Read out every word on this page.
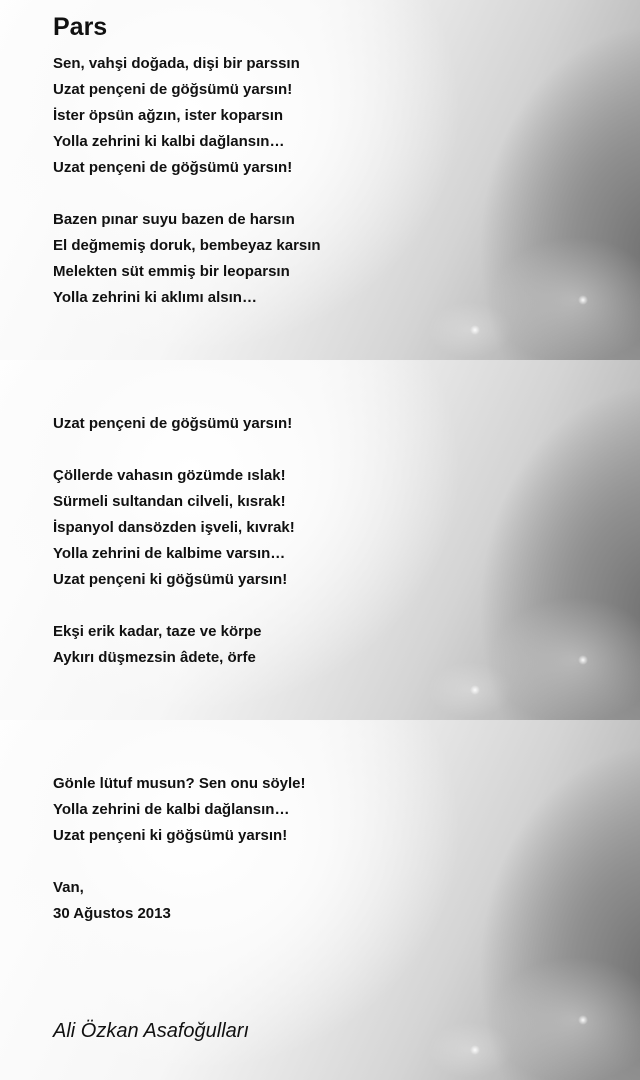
Pars
Sen, vahşi doğada, dişi bir parssın
Uzat pençeni de göğsümü yarsın!
İster öpsün ağzın, ister koparsın
Yolla zehrini ki kalbi dağlansın…
Uzat pençeni de göğsümü yarsın!
Bazen pınar suyu bazen de harsın
El değmemiş doruk, bembeyaz karsın
Melekten süt emmiş bir leoparsın
Yolla zehrini ki aklımı alsın…
Uzat pençeni de göğsümü yarsın!
Çöllerde vahasın gözümde ıslak!
Sürmeli sultandan cilveli, kısrak!
İspanyol dansözden işveli, kıvrak!
Yolla zehrini de kalbime varsın…
Uzat pençeni ki göğsümü yarsın!
Ekşi erik kadar, taze ve körpe
Aykırı düşmezsin âdete, örfe
Gönle lütuf musun? Sen onu söyle!
Yolla zehrini de kalbi dağlansın…
Uzat pençeni ki göğsümü yarsın!
Van,
30 Ağustos 2013

Ali Özkan Asafoğulları
